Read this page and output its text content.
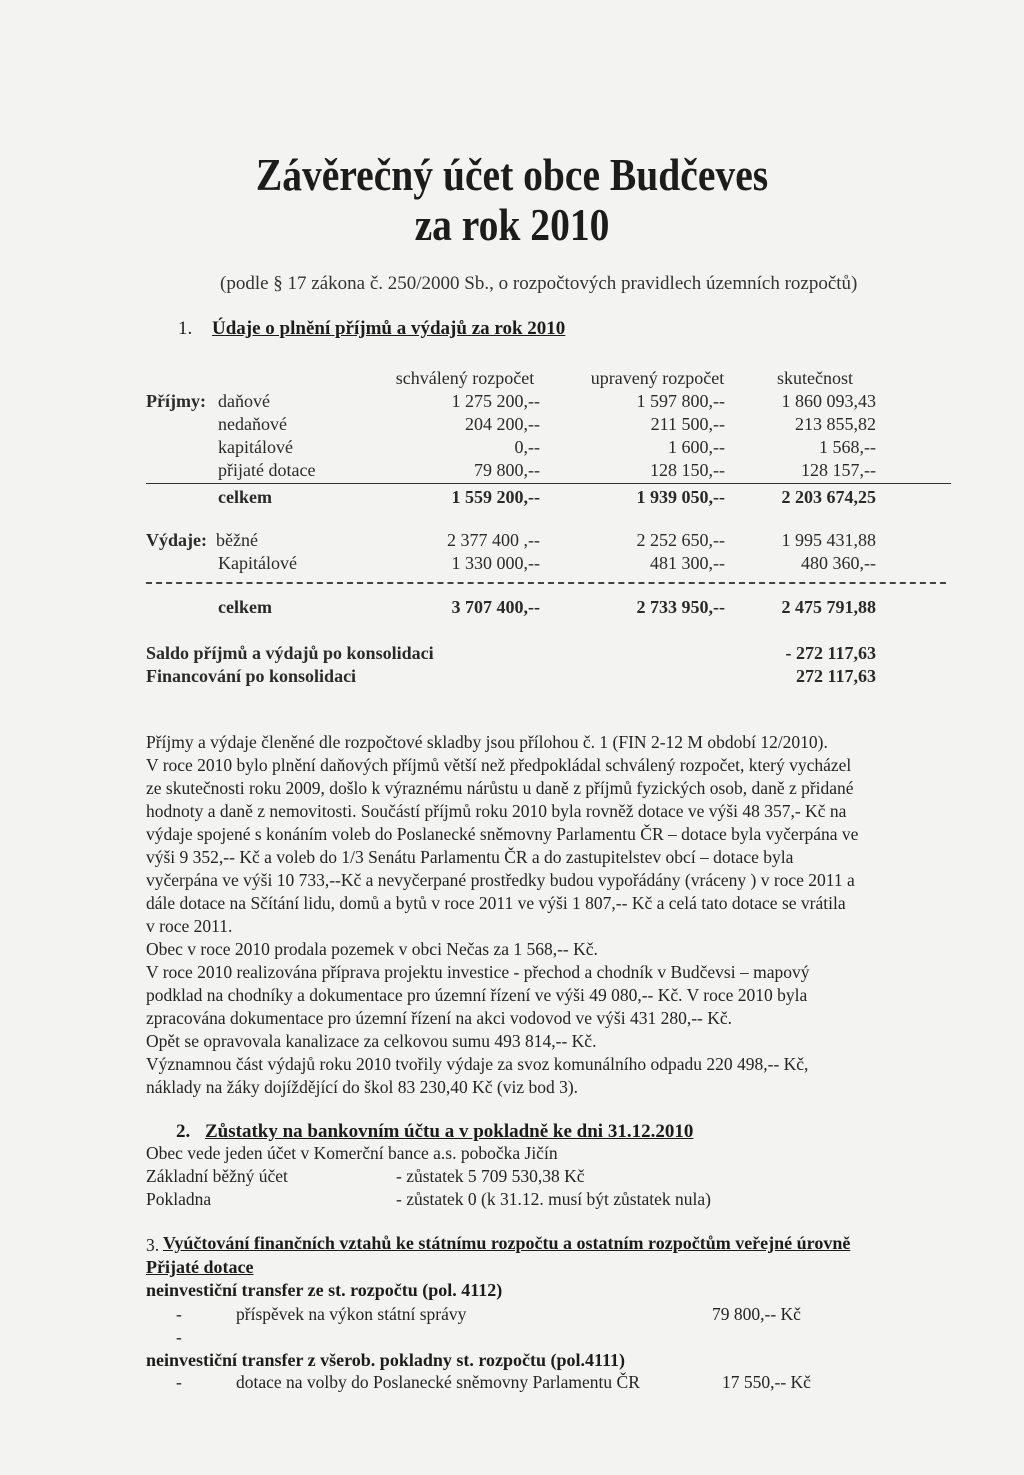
Závěrečný účet obce Budčeves
za rok 2010
(podle § 17 zákona č. 250/2000 Sb., o rozpočtových pravidlech územních rozpočtů)
1. Údaje o plnění příjmů a výdajů za rok 2010
schválený rozpočet	upravený rozpočet	skutečnost
Příjmy: daňové	1 275 200,--	1 597 800,--	1 860 093,43
nedaňové	204 200,--	211 500,--	213 855,82
kapitálové	0,--	1 600,--	1 568,--
přijaté dotace	79 800,--	128 150,--	128 157,--
celkem	1 559 200,--	1 939 050,--	2 203 674,25
Výdaje: běžné	2 377 400 ,--	2 252 650,--	1 995 431,88
Kapitálové	1 330 000,--	481 300,--	480 360,--
celkem	3 707 400,--	2 733 950,--	2 475 791,88
Saldo příjmů a výdajů po konsolidaci	- 272 117,63
Financování po konsolidaci	272 117,63
Příjmy a výdaje členěné dle rozpočtové skladby jsou přílohou č. 1 (FIN 2-12 M období 12/2010).
V roce 2010 bylo plnění daňových příjmů větší než předpokládal schválený rozpočet, který vycházel
ze skutečnosti roku 2009, došlo k výraznému nárůstu u daně z příjmů fyzických osob, daně z přidané
hodnoty a daně z nemovitosti. Součástí příjmů roku 2010 byla rovněž dotace ve výši 48 357,- Kč na
výdaje spojené s konáním voleb do Poslanecké sněmovny Parlamentu ČR – dotace byla vyčerpána ve
výši 9 352,-- Kč a voleb do 1/3 Senátu Parlamentu ČR a do zastupitelstev obcí – dotace byla
vyčerpána ve výši 10 733,--Kč a nevyčerpané prostředky budou vypořádány (vráceny ) v roce 2011 a
dále dotace na Sčítání lidu, domů a bytů v roce 2011 ve výši 1 807,-- Kč a celá tato dotace se vrátila
v roce 2011.
Obec v roce 2010 prodala pozemek v obci Nečas za 1 568,-- Kč.
V roce 2010 realizována příprava projektu investice - přechod a chodník v Budčevsi – mapový
podklad na chodníky a dokumentace pro územní řízení ve výši 49 080,-- Kč. V roce 2010 byla
zpracována dokumentace pro územní řízení na akci vodovod ve výši 431 280,-- Kč.
Opět se opravovala kanalizace za celkovou sumu 493 814,-- Kč.
Významnou část výdajů roku 2010 tvořily výdaje za svoz komunálního odpadu 220 498,-- Kč,
náklady na žáky dojíždějící do škol 83 230,40 Kč (viz bod 3).
2. Zůstatky na bankovním účtu a v pokladně ke dni 31.12.2010
Obec vede jeden účet v Komerční bance a.s. pobočka Jičín
Základní běžný účet	- zůstatek 5 709 530,38 Kč
Pokladna	- zůstatek 0 (k 31.12. musí být zůstatek nula)
3. Vyúčtování finančních vztahů ke státnímu rozpočtu a ostatním rozpočtům veřejné úrovně
Přijaté dotace
neinvestiční transfer ze st. rozpočtu (pol. 4112)
-	příspěvek na výkon státní správy	79 800,-- Kč
-
neinvestiční transfer z všerob. pokladny st. rozpočtu (pol.4111)
-	dotace na volby do Poslanecké sněmovny Parlamentu ČR	17 550,-- Kč
